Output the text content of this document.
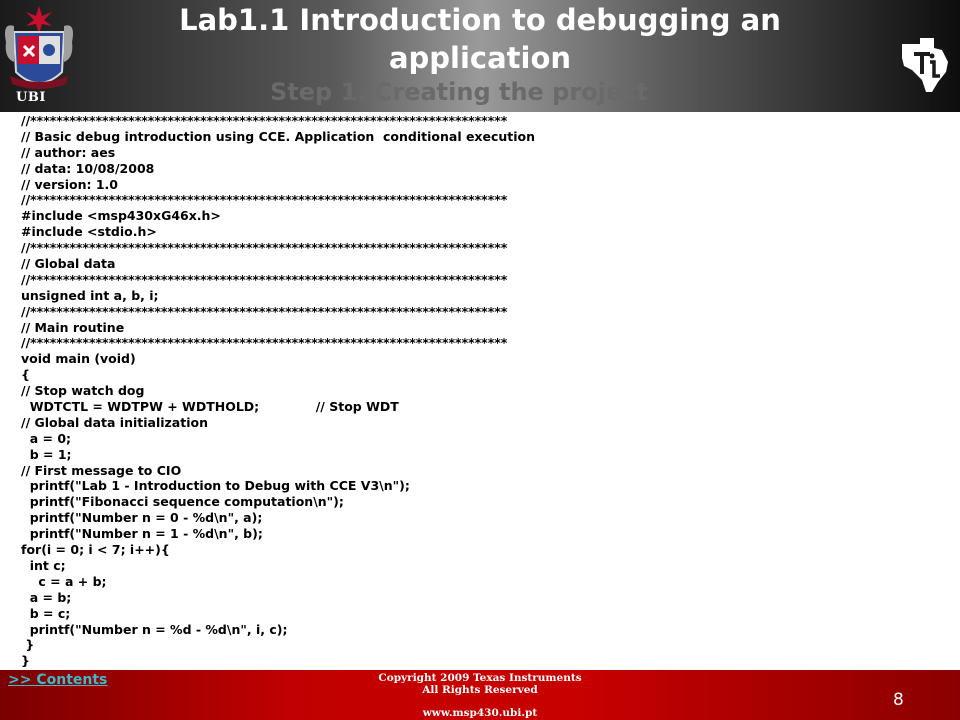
UBI
Lab1.1 Introduction to debugging an
application
Step 1. Creating the project
//*************************************************************************
// Basic debug introduction using CCE. Application  conditional execution
// author: aes
// data: 10/08/2008
// version: 1.0
//*************************************************************************
#include <msp430xG46x.h>
#include <stdio.h>
//*************************************************************************
// Global data
//*************************************************************************
unsigned int a, b, i;
//*************************************************************************
// Main routine
//*************************************************************************
void main (void)
{
// Stop watch dog
WDTCTL = WDTPW + WDTHOLD;             // Stop WDT
// Global data initialization
a = 0;
b = 1;
// First message to CIO
printf("Lab 1 - Introduction to Debug with CCE V3\n");
printf("Fibonacci sequence computation\n");
printf("Number n = 0 - %d\n", a);
printf("Number n = 1 - %d\n", b);
for(i = 0; i < 7; i++){
int c;
c = a + b;
a = b;
b = c;
printf("Number n = %d - %d\n", i, c);
}
}
>> Contents	Copyright 2009 Texas Instruments
All Rights Reserved
www.msp430.ubi.pt
8
